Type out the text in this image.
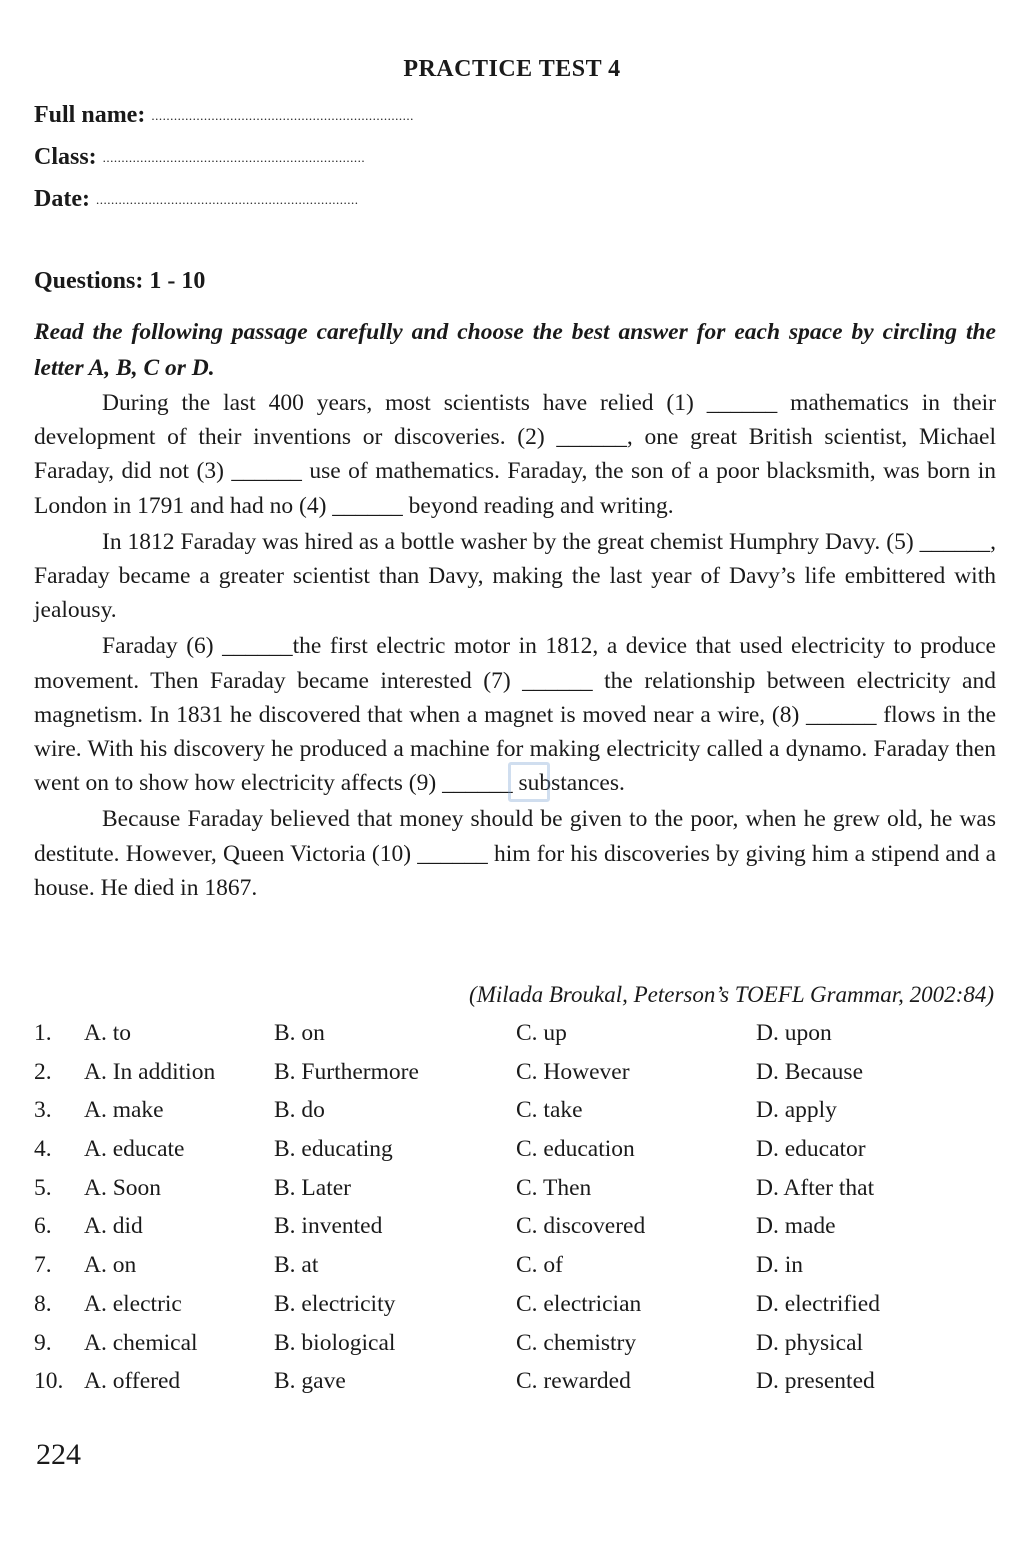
PRACTICE TEST 4
Full name: ......................................................................
Class: ......................................................................
Date: ......................................................................
Questions: 1 - 10
Read the following passage carefully and choose the best answer for each space by circling the letter A, B, C or D.

During the last 400 years, most scientists have relied (1) ______ mathematics in their development of their inventions or discoveries. (2) ______, one great British scientist, Michael Faraday, did not (3) ______ use of mathematics. Faraday, the son of a poor blacksmith, was born in London in 1791 and had no (4) ______ beyond reading and writing.

In 1812 Faraday was hired as a bottle washer by the great chemist Humphry Davy. (5) ______, Faraday became a greater scientist than Davy, making the last year of Davy’s life embittered with jealousy.

Faraday (6) ______the first electric motor in 1812, a device that used electricity to produce movement. Then Faraday became interested (7) ______ the relationship between electricity and magnetism. In 1831 he discovered that when a magnet is moved near a wire, (8) ______ flows in the wire. With his discovery he produced a machine for making electricity called a dynamo. Faraday then went on to show how electricity affects (9) ______ substances.

Because Faraday believed that money should be given to the poor, when he grew old, he was destitute. However, Queen Victoria (10) ______ him for his discoveries by giving him a stipend and a house. He died in 1867.

(Milada Broukal, Peterson’s TOEFL Grammar, 2002:84)
1. A. to	B. on	C. up	D. upon
2. A. In addition	B. Furthermore	C. However	D. Because
3. A. make	B. do	C. take	D. apply
4. A. educate	B. educating	C. education	D. educator
5. A. Soon	B. Later	C. Then	D. After that
6. A. did	B. invented	C. discovered	D. made
7. A. on	B. at	C. of	D. in
8. A. electric	B. electricity	C. electrician	D. electrified
9. A. chemical	B. biological	C. chemistry	D. physical
10. A. offered	B. gave	C. rewarded	D. presented
224
